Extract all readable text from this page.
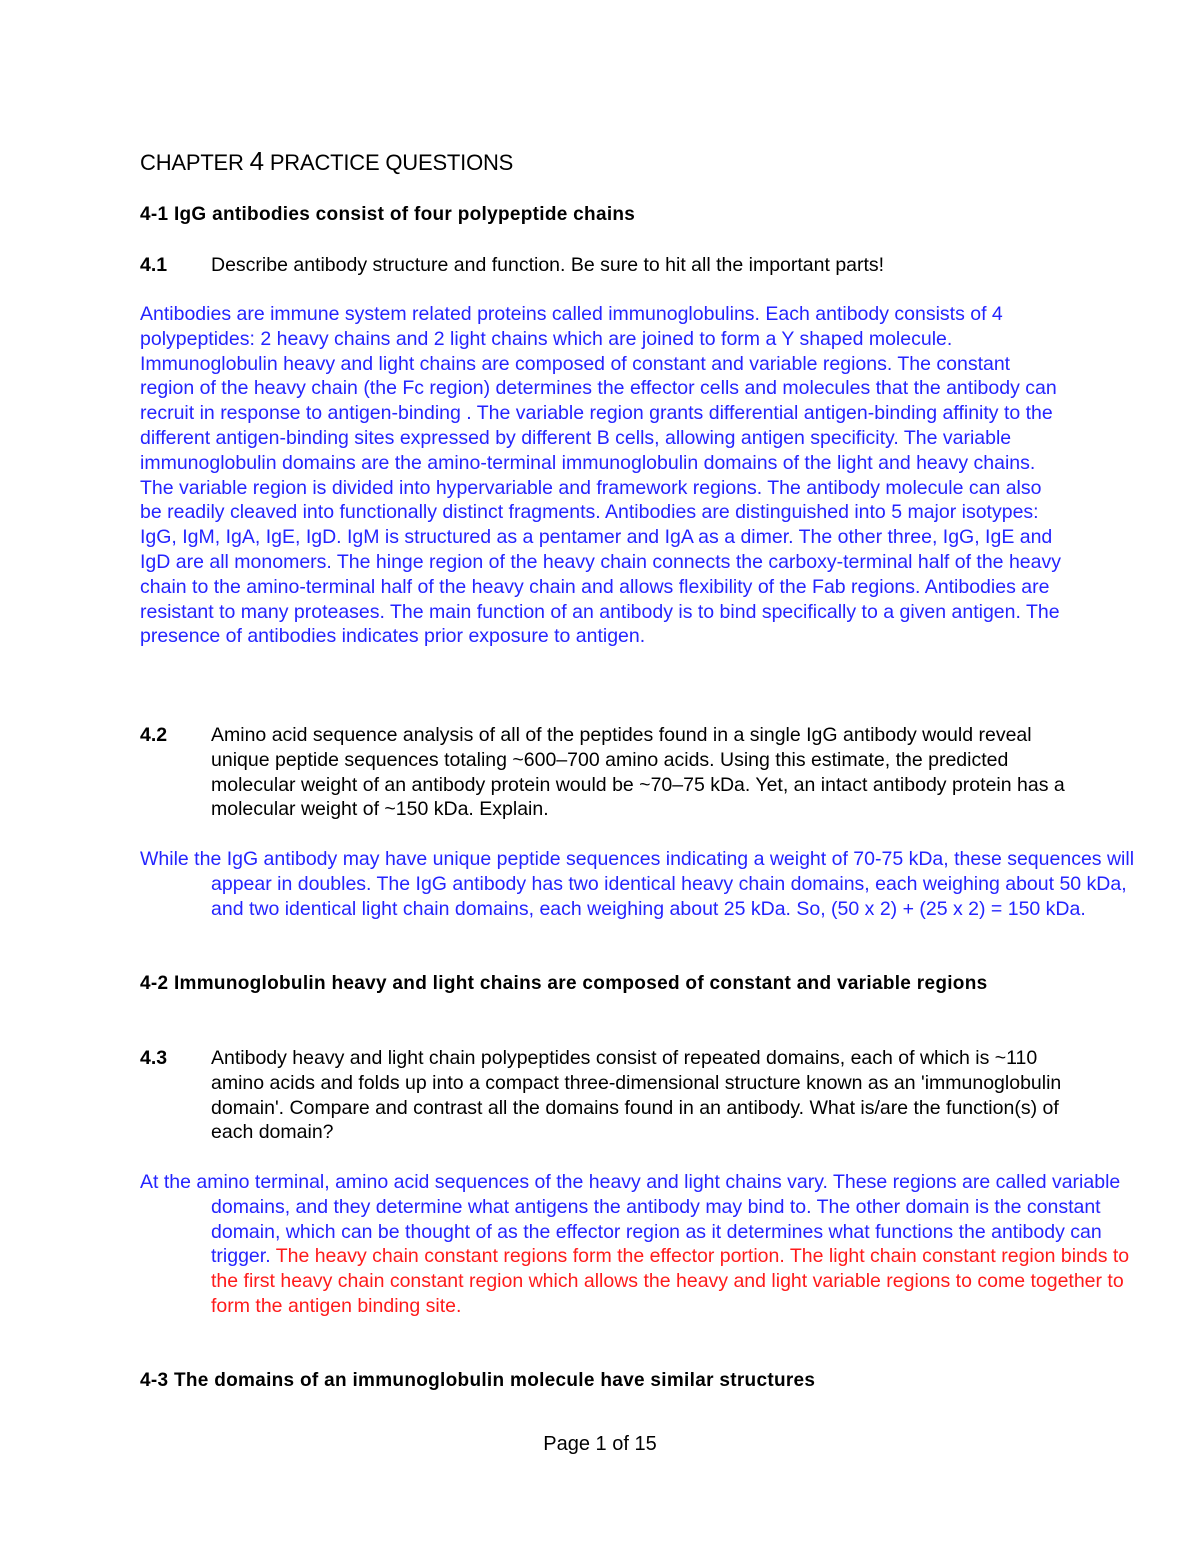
CHAPTER 4 PRACTICE QUESTIONS

4-1 IgG antibodies consist of four polypeptide chains

4.1	Describe antibody structure and function. Be sure to hit all the important parts!

Antibodies are immune system related proteins called immunoglobulins. Each antibody consists of 4 polypeptides: 2 heavy chains and 2 light chains which are joined to form a Y shaped molecule. Immunoglobulin heavy and light chains are composed of constant and variable regions. The constant region of the heavy chain (the Fc region) determines the effector cells and molecules that the antibody can recruit in response to antigen-binding . The variable region grants differential antigen-binding affinity to the different antigen-binding sites expressed by different B cells, allowing antigen specificity. The variable immunoglobulin domains are the amino-terminal immunoglobulin domains of the light and heavy chains. The variable region is divided into hypervariable and framework regions. The antibody molecule can also be readily cleaved into functionally distinct fragments. Antibodies are distinguished into 5 major isotypes: IgG, IgM, IgA, IgE, IgD. IgM is structured as a pentamer and IgA as a dimer. The other three, IgG, IgE and IgD are all monomers. The hinge region of the heavy chain connects the carboxy-terminal half of the heavy chain to the amino-terminal half of the heavy chain and allows flexibility of the Fab regions. Antibodies are resistant to many proteases. The main function of an antibody is to bind specifically to a given antigen. The presence of antibodies indicates prior exposure to antigen.

4.2	Amino acid sequence analysis of all of the peptides found in a single IgG antibody would reveal unique peptide sequences totaling ~600–700 amino acids. Using this estimate, the predicted molecular weight of an antibody protein would be ~70–75 kDa. Yet, an intact antibody protein has a molecular weight of ~150 kDa. Explain.

While the IgG antibody may have unique peptide sequences indicating a weight of 70-75 kDa, these sequences will appear in doubles. The IgG antibody has two identical heavy chain domains, each weighing about 50 kDa, and two identical light chain domains, each weighing about 25 kDa. So, (50 x 2) + (25 x 2) = 150 kDa.

4-2 Immunoglobulin heavy and light chains are composed of constant and variable regions

4.3	Antibody heavy and light chain polypeptides consist of repeated domains, each of which is ~110 amino acids and folds up into a compact three-dimensional structure known as an 'immunoglobulin domain'. Compare and contrast all the domains found in an antibody. What is/are the function(s) of each domain?

At the amino terminal, amino acid sequences of the heavy and light chains vary. These regions are called variable domains, and they determine what antigens the antibody may bind to. The other domain is the constant domain, which can be thought of as the effector region as it determines what functions the antibody can trigger. The heavy chain constant regions form the effector portion. The light chain constant region binds to the first heavy chain constant region which allows the heavy and light variable regions to come together to form the antigen binding site.

4-3 The domains of an immunoglobulin molecule have similar structures

Page 1 of 15
